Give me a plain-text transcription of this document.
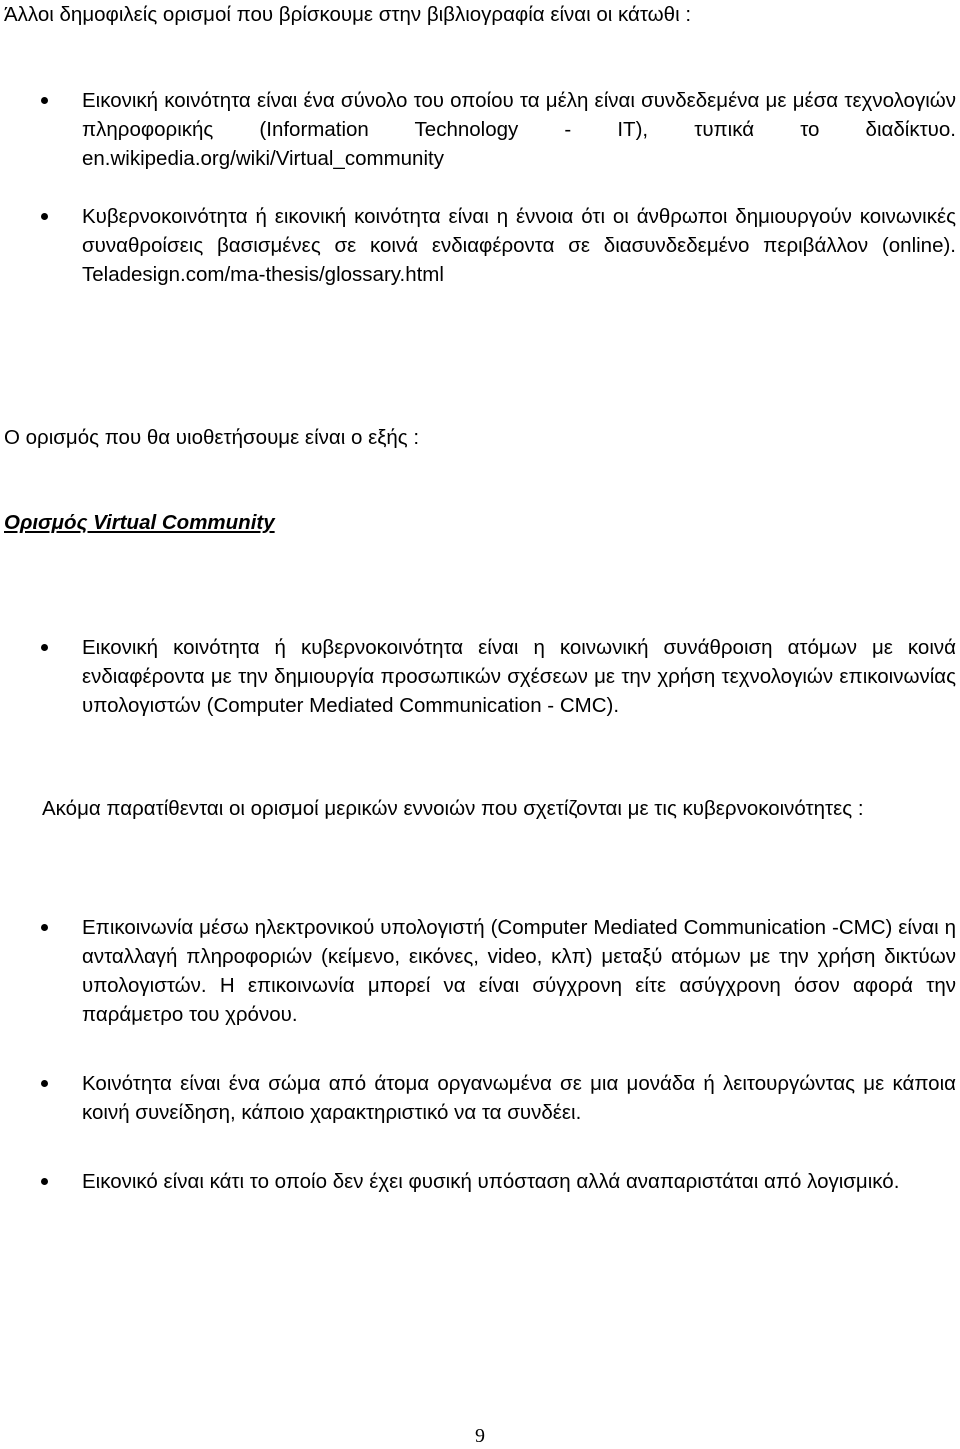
Άλλοι δημοφιλείς ορισμοί που βρίσκουμε στην βιβλιογραφία είναι οι κάτωθι :

Εικονική κοινότητα είναι ένα σύνολο του οποίου τα μέλη είναι συνδεδεμένα με μέσα τεχνολογιών πληροφορικής (Information Technology - IT), τυπικά το διαδίκτυο. en.wikipedia.org/wiki/Virtual_community
Κυβερνοκοινότητα ή εικονική κοινότητα είναι η έννοια ότι οι άνθρωποι δημιουργούν κοινωνικές συναθροίσεις βασισμένες σε κοινά ενδιαφέροντα σε διασυνδεδεμένο περιβάλλον (online). Teladesign.com/ma-thesis/glossary.html

Ο ορισμός που θα υιοθετήσουμε είναι ο εξής :

Ορισμός Virtual Community

Εικονική κοινότητα ή κυβερνοκοινότητα είναι η κοινωνική συνάθροιση ατόμων με κοινά ενδιαφέροντα με την δημιουργία προσωπικών σχέσεων με την χρήση τεχνολογιών επικοινωνίας υπολογιστών (Computer Mediated Communication - CMC).

Ακόμα παρατίθενται οι ορισμοί μερικών εννοιών που σχετίζονται με τις κυβερνοκοινότητες :

Επικοινωνία μέσω ηλεκτρονικού υπολογιστή (Computer Mediated Communication -CMC) είναι η ανταλλαγή πληροφοριών (κείμενο, εικόνες, video, κλπ) μεταξύ ατόμων με την χρήση δικτύων υπολογιστών. Η επικοινωνία μπορεί να είναι σύγχρονη είτε ασύγχρονη όσον αφορά την παράμετρο του χρόνου.
Κοινότητα είναι ένα σώμα από άτομα οργανωμένα σε μια μονάδα ή λειτουργώντας με κάποια κοινή συνείδηση, κάποιο χαρακτηριστικό να τα συνδέει.
Εικονικό είναι κάτι το οποίο δεν έχει φυσική υπόσταση αλλά αναπαριστάται από λογισμικό.

9
